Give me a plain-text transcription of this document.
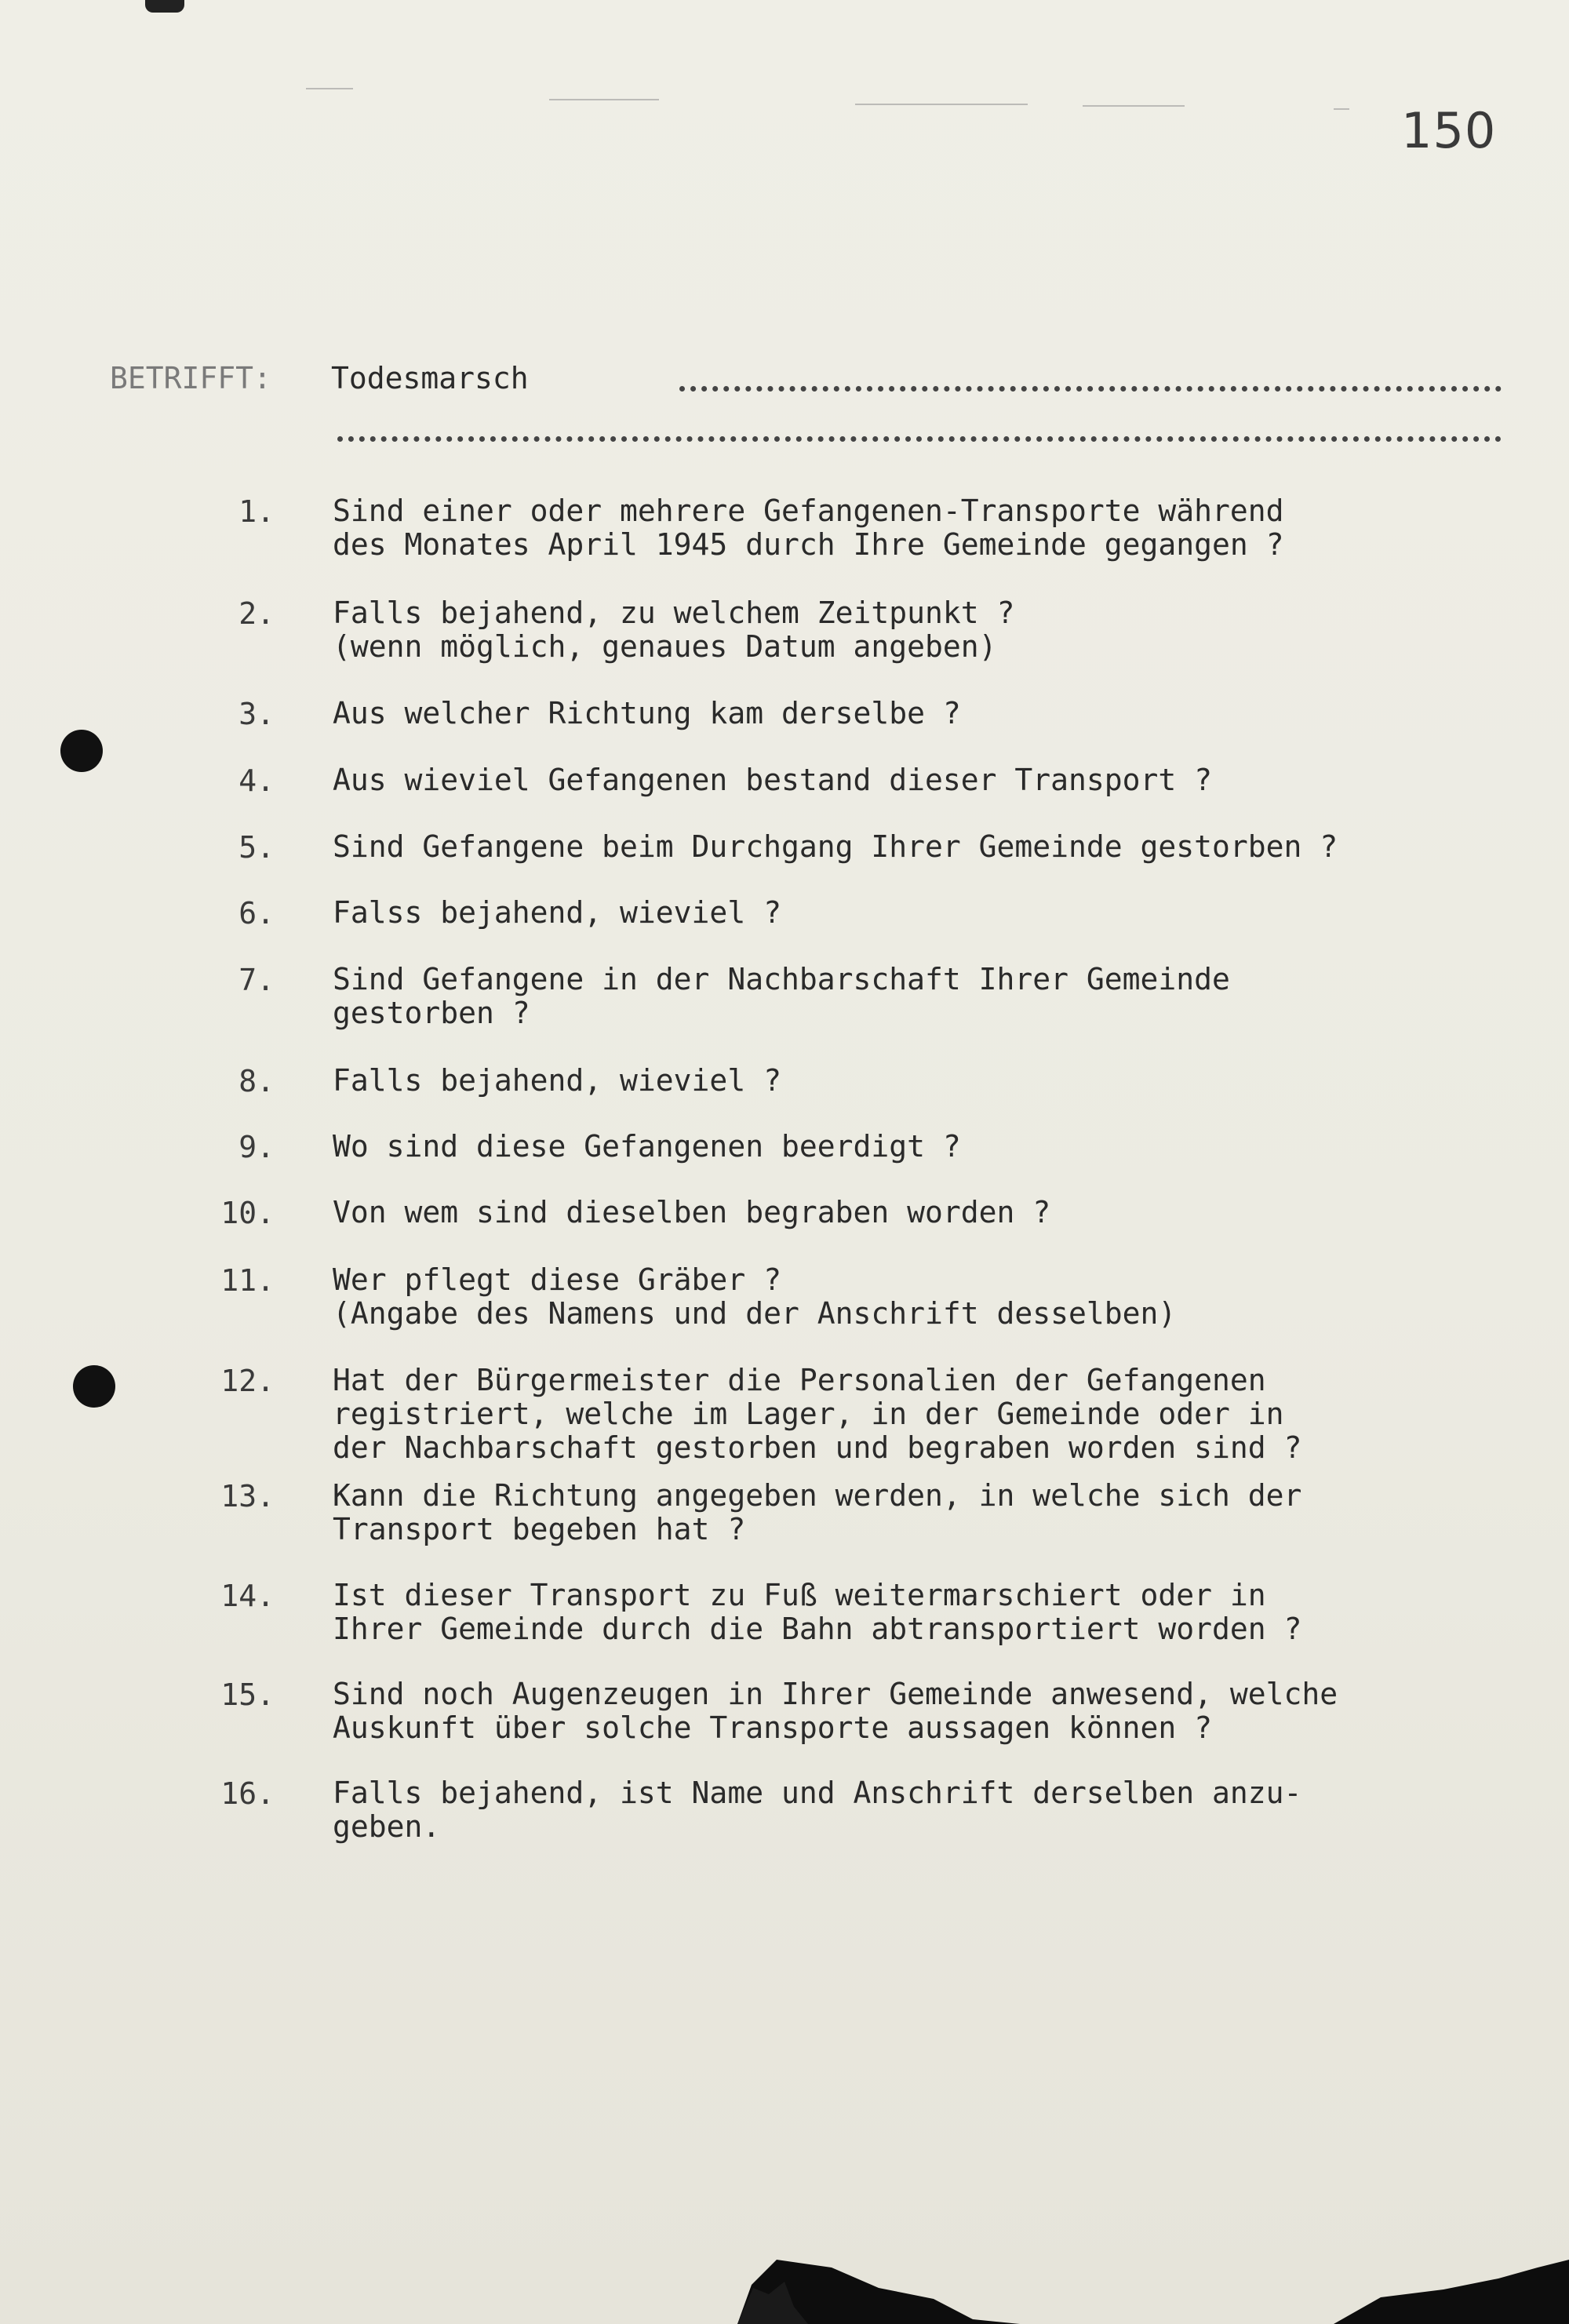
150
BETRIFFT: Todesmarsch
1. Sind einer oder mehrere Gefangenen-Transporte während
des Monates April 1945 durch Ihre Gemeinde gegangen ?
2. Falls bejahend, zu welchem Zeitpunkt ?
(wenn möglich, genaues Datum angeben)
3. Aus welcher Richtung kam derselbe ?
4. Aus wieviel Gefangenen bestand dieser Transport ?
5. Sind Gefangene beim Durchgang Ihrer Gemeinde gestorben ?
6. Falss bejahend, wieviel ?
7. Sind Gefangene in der Nachbarschaft Ihrer Gemeinde
gestorben ?
8. Falls bejahend, wieviel ?
9. Wo sind diese Gefangenen beerdigt ?
10. Von wem sind dieselben begraben worden ?
11. Wer pflegt diese Gräber ?
(Angabe des Namens und der Anschrift desselben)
12. Hat der Bürgermeister die Personalien der Gefangenen
registriert, welche im Lager, in der Gemeinde oder in
der Nachbarschaft gestorben und begraben worden sind ?
13. Kann die Richtung angegeben werden, in welche sich der
Transport begeben hat ?
14. Ist dieser Transport zu Fuß weitermarschiert oder in
Ihrer Gemeinde durch die Bahn abtransportiert worden ?
15. Sind noch Augenzeugen in Ihrer Gemeinde anwesend, welche
Auskunft über solche Transporte aussagen können ?
16. Falls bejahend, ist Name und Anschrift derselben anzu-
geben.
